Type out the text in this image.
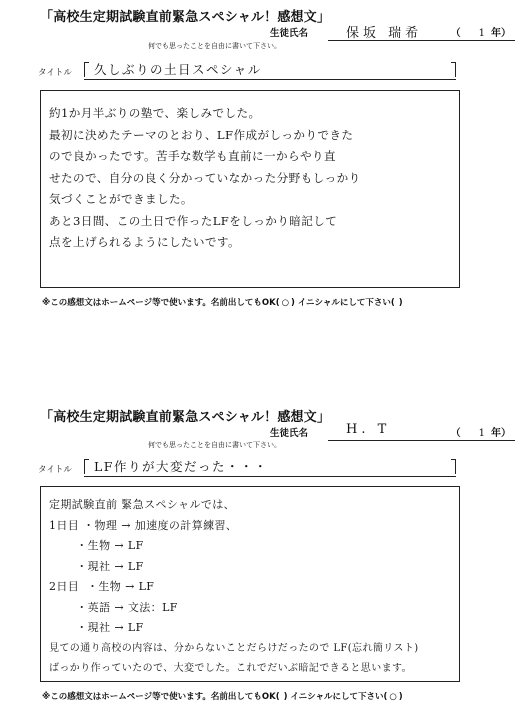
「高校生定期試験直前緊急スペシャル！感想文」
生徒氏名	保坂 瑞希	（ 1 年）
何でも思ったことを自由に書いて下さい。
タイトル 久しぶりの土日スペシャル
約1か月半ぶりの塾で、楽しみでした。
最初に決めたテーマのとおり、LF作成がしっかりできた
ので良かったです。苦手な数学も直前に一からやり直
せたので、自分の良く分かっていなかった分野もしっかり
気づくことができました。
あと3日間、この土日で作ったLFをしっかり暗記して
点を上げられるようにしたいです。
※この感想文はホームページ等で使います。名前出してもOK( ○ ) イニシャルにして下さい( )
「高校生定期試験直前緊急スペシャル！感想文」
生徒氏名	H. T	（ 1 年）
何でも思ったことを自由に書いて下さい。
タイトル LF作りが大変だった・・・
定期試験直前 緊急スペシャルでは、
1日目 ・物理 → 加速度の計算練習、
・生物 → LF
・現社 → LF
2日目  ・生物 → LF
・英語 → 文法：LF
・現社 → LF
見ての通り高校の内容は、分からないことだらけだったので LF(忘れ簡リスト)
ばっかり作っていたので、大変でした。これでだいぶ暗記できると思います。
※この感想文はホームページ等で使います。名前出してもOK( ) イニシャルにして下さい( ○ )
